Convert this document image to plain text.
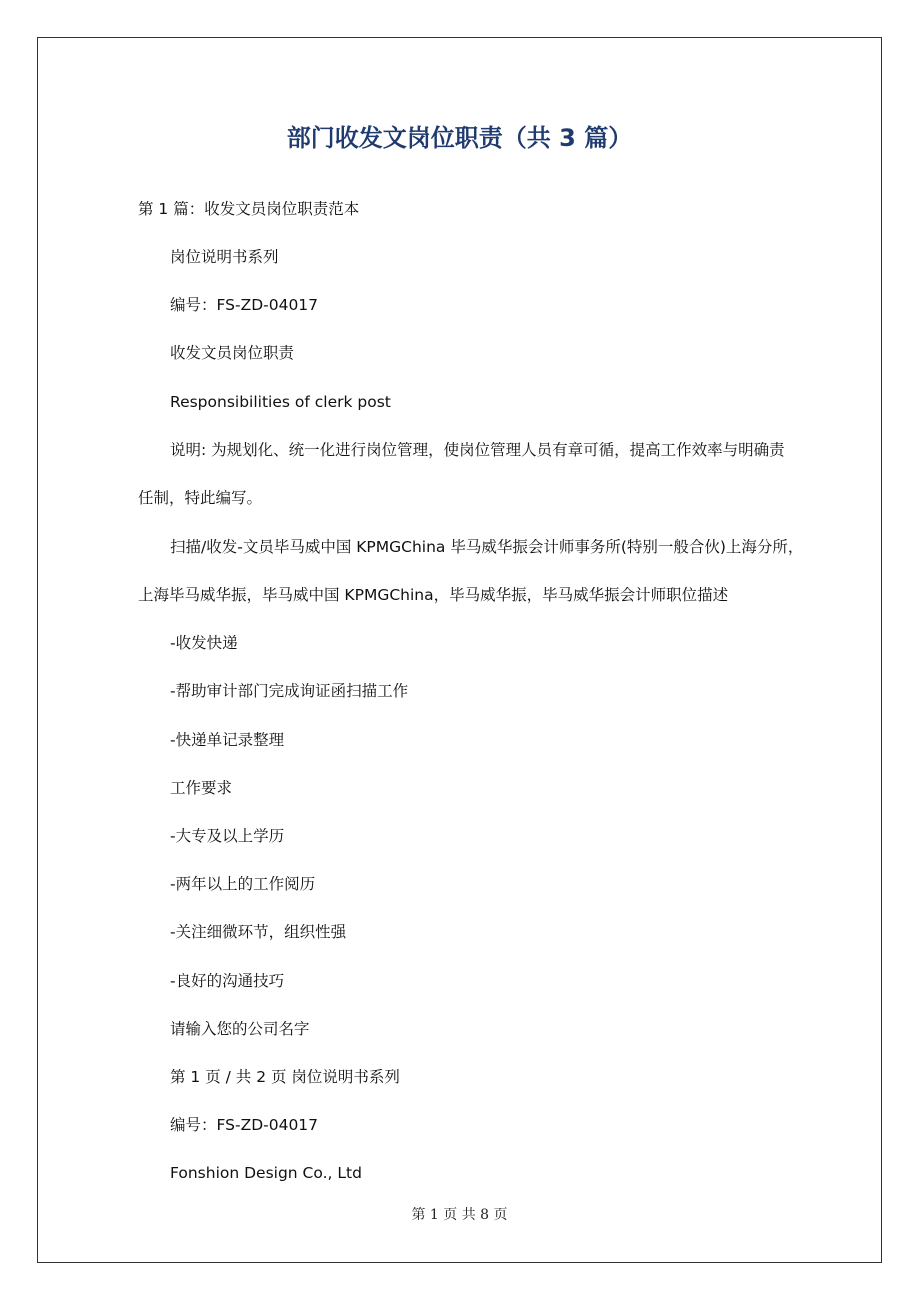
部门收发文岗位职责（共 3 篇）
第 1 篇：收发文员岗位职责范本
岗位说明书系列
编号：FS-ZD-04017
收发文员岗位职责
Responsibilities of clerk post
说明: 为规划化、统一化进行岗位管理，使岗位管理人员有章可循，提高工作效率与明确责
任制，特此编写。
扫描/收发-文员毕马威中国 KPMGChina 毕马威华振会计师事务所(特别一般合伙)上海分所，
上海毕马威华振，毕马威中国 KPMGChina，毕马威华振，毕马威华振会计师职位描述
-收发快递
-帮助审计部门完成询证函扫描工作
-快递单记录整理
工作要求
-大专及以上学历
-两年以上的工作阅历
-关注细微环节，组织性强
-良好的沟通技巧
请输入您的公司名字
第 1 页 / 共 2 页 岗位说明书系列
编号：FS-ZD-04017
Fonshion Design Co., Ltd
第 1 页 共 8 页
